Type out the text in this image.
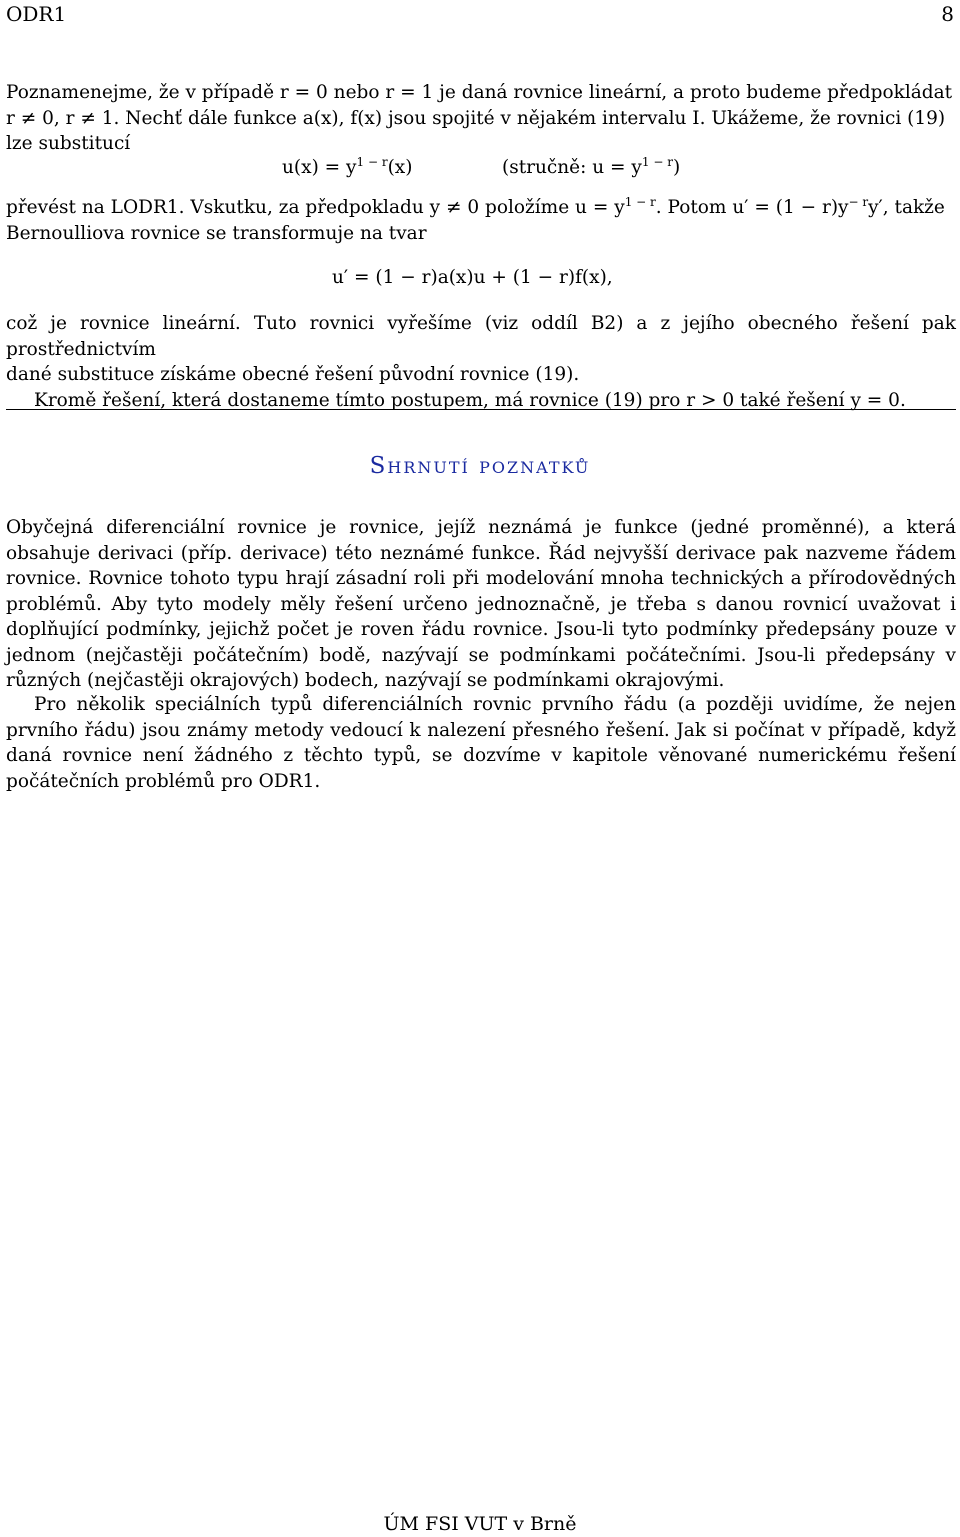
ODR1	8
Poznamenejme, že v případě r = 0 nebo r = 1 je daná rovnice lineární, a proto budeme předpokládat
r ≠ 0, r ≠ 1. Nechť dále funkce a(x), f(x) jsou spojité v nějakém intervalu I. Ukážeme, že rovnici (19)
lze substitucí
$u(x) = y^{1 - r}(x)$	(stručně: $u = y^{1 - r}$)
převést na LODR1. Vskutku, za předpokladu y ≠ 0 položíme $u = y^{1 - r}$. Potom $u' = (1 - r)y^{- r}y'$, takže
Bernoulliova rovnice se transformuje na tvar
u′ = (1 − r)a(x)u + (1 − r)f(x),
což je rovnice lineární. Tuto rovnici vyřešíme (viz oddíl B2) a z jejího obecného řešení pak prostřednictvím
dané substituce získáme obecné řešení původní rovnice (19).
Kromě řešení, která dostaneme tímto postupem, má rovnice (19) pro r > 0 také řešení y = 0.
Shrnutí poznatků
Obyčejná diferenciální rovnice je rovnice, jejíž neznámá je funkce (jedné proměnné), a která obsahuje derivaci (příp. derivace) této neznámé funkce. Řád nejvyšší derivace pak nazveme řádem rovnice. Rovnice tohoto typu hrají zásadní roli při modelování mnoha technických a přírodovědných problémů. Aby tyto modely měly řešení určeno jednoznačně, je třeba s danou rovnicí uvažovat i doplňující podmínky, jejichž počet je roven řádu rovnice. Jsou-li tyto podmínky předepsány pouze v jednom (nejčastěji počátečním) bodě, nazývají se podmínkami počátečními. Jsou-li předepsány v různých (nejčastěji okrajových) bodech, nazývají se podmínkami okrajovými.
Pro několik speciálních typů diferenciálních rovnic prvního řádu (a později uvidíme, že nejen prvního řádu) jsou známy metody vedoucí k nalezení přesného řešení. Jak si počínat v případě, když daná rovnice není žádného z těchto typů, se dozvíme v kapitole věnované numerickému řešení počátečních problémů pro ODR1.
ÚM FSI VUT v Brně
